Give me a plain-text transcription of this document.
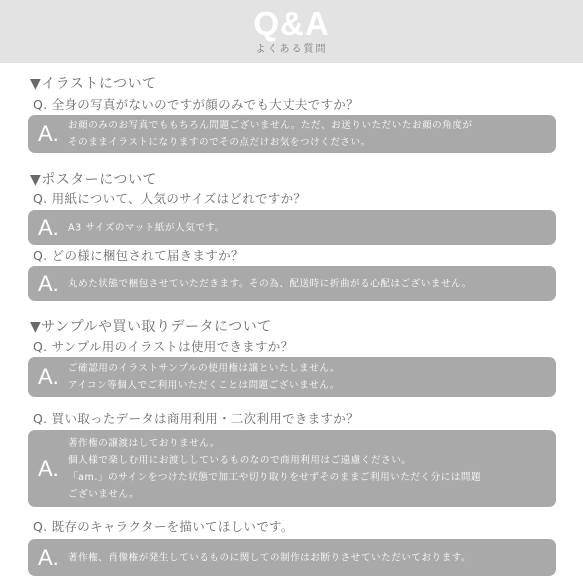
Q&A
よくある質問
▼イラストについて
Q. 全身の写真がないのですが顔のみでも大丈夫ですか？
A. お顔のみのお写真でももちろん問題ございません。ただ、お送りいただいたお顔の角度が
そのままイラストになりますのでその点だけお気をつけください。
▼ポスターについて
Q. 用紙について、人気のサイズはどれですか？
A. A3 サイズのマット紙が人気です。
Q. どの様に梱包されて届きますか？
A. 丸めた状態で梱包させていただきます。その為、配送時に折曲がる心配はございません。
▼サンプルや買い取りデータについて
Q. サンプル用のイラストは使用できますか？
A. ご確認用のイラストサンプルの使用権は譲といたしません。
アイコン等個人でご利用いただくことは問題ございません。
Q. 買い取ったデータは商用利用・二次利用できますか？
A.
著作権の譲渡はしておりません。
個人様で楽しむ用にお渡ししているものなので商用利用はご遠慮ください。
「am.」のサインをつけた状態で加工や切り取りをせずそのままご利用いただく分には問題
ございません。
Q. 既存のキャラクターを描いてほしいです。
A. 著作権、肖像権が発生しているものに関しての制作はお断りさせていただいております。
